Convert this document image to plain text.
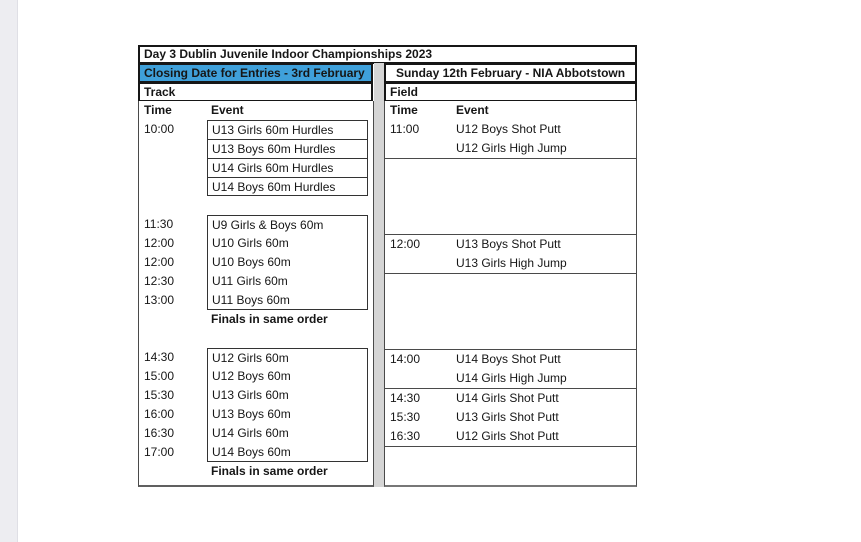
Day 3 Dublin Juvenile Indoor Championships 2023
Closing Date for Entries - 3rd February	Sunday 12th February - NIA Abbotstown
Track	Field
Time	Event
10:00	U13 Girls 60m Hurdles
U13 Boys 60m Hurdles
U14 Girls 60m Hurdles
U14 Boys 60m Hurdles
11:30	U9 Girls & Boys 60m
12:00	U10 Girls 60m
12:00	U10 Boys 60m
12:30	U11 Girls 60m
13:00	U11 Boys 60m
Finals in same order
14:30	U12 Girls 60m
15:00	U12 Boys 60m
15:30	U13 Girls 60m
16:00	U13 Boys 60m
16:30	U14 Girls 60m
17:00	U14 Boys 60m
Finals in same order
Time	Event
11:00	U12 Boys Shot Putt
U12 Girls High Jump
12:00	U13 Boys Shot Putt
U13 Girls High Jump
14:00	U14 Boys Shot Putt
U14 Girls High Jump
14:30	U14 Girls Shot Putt
15:30	U13 Girls Shot Putt
16:30	U12 Girls Shot Putt
